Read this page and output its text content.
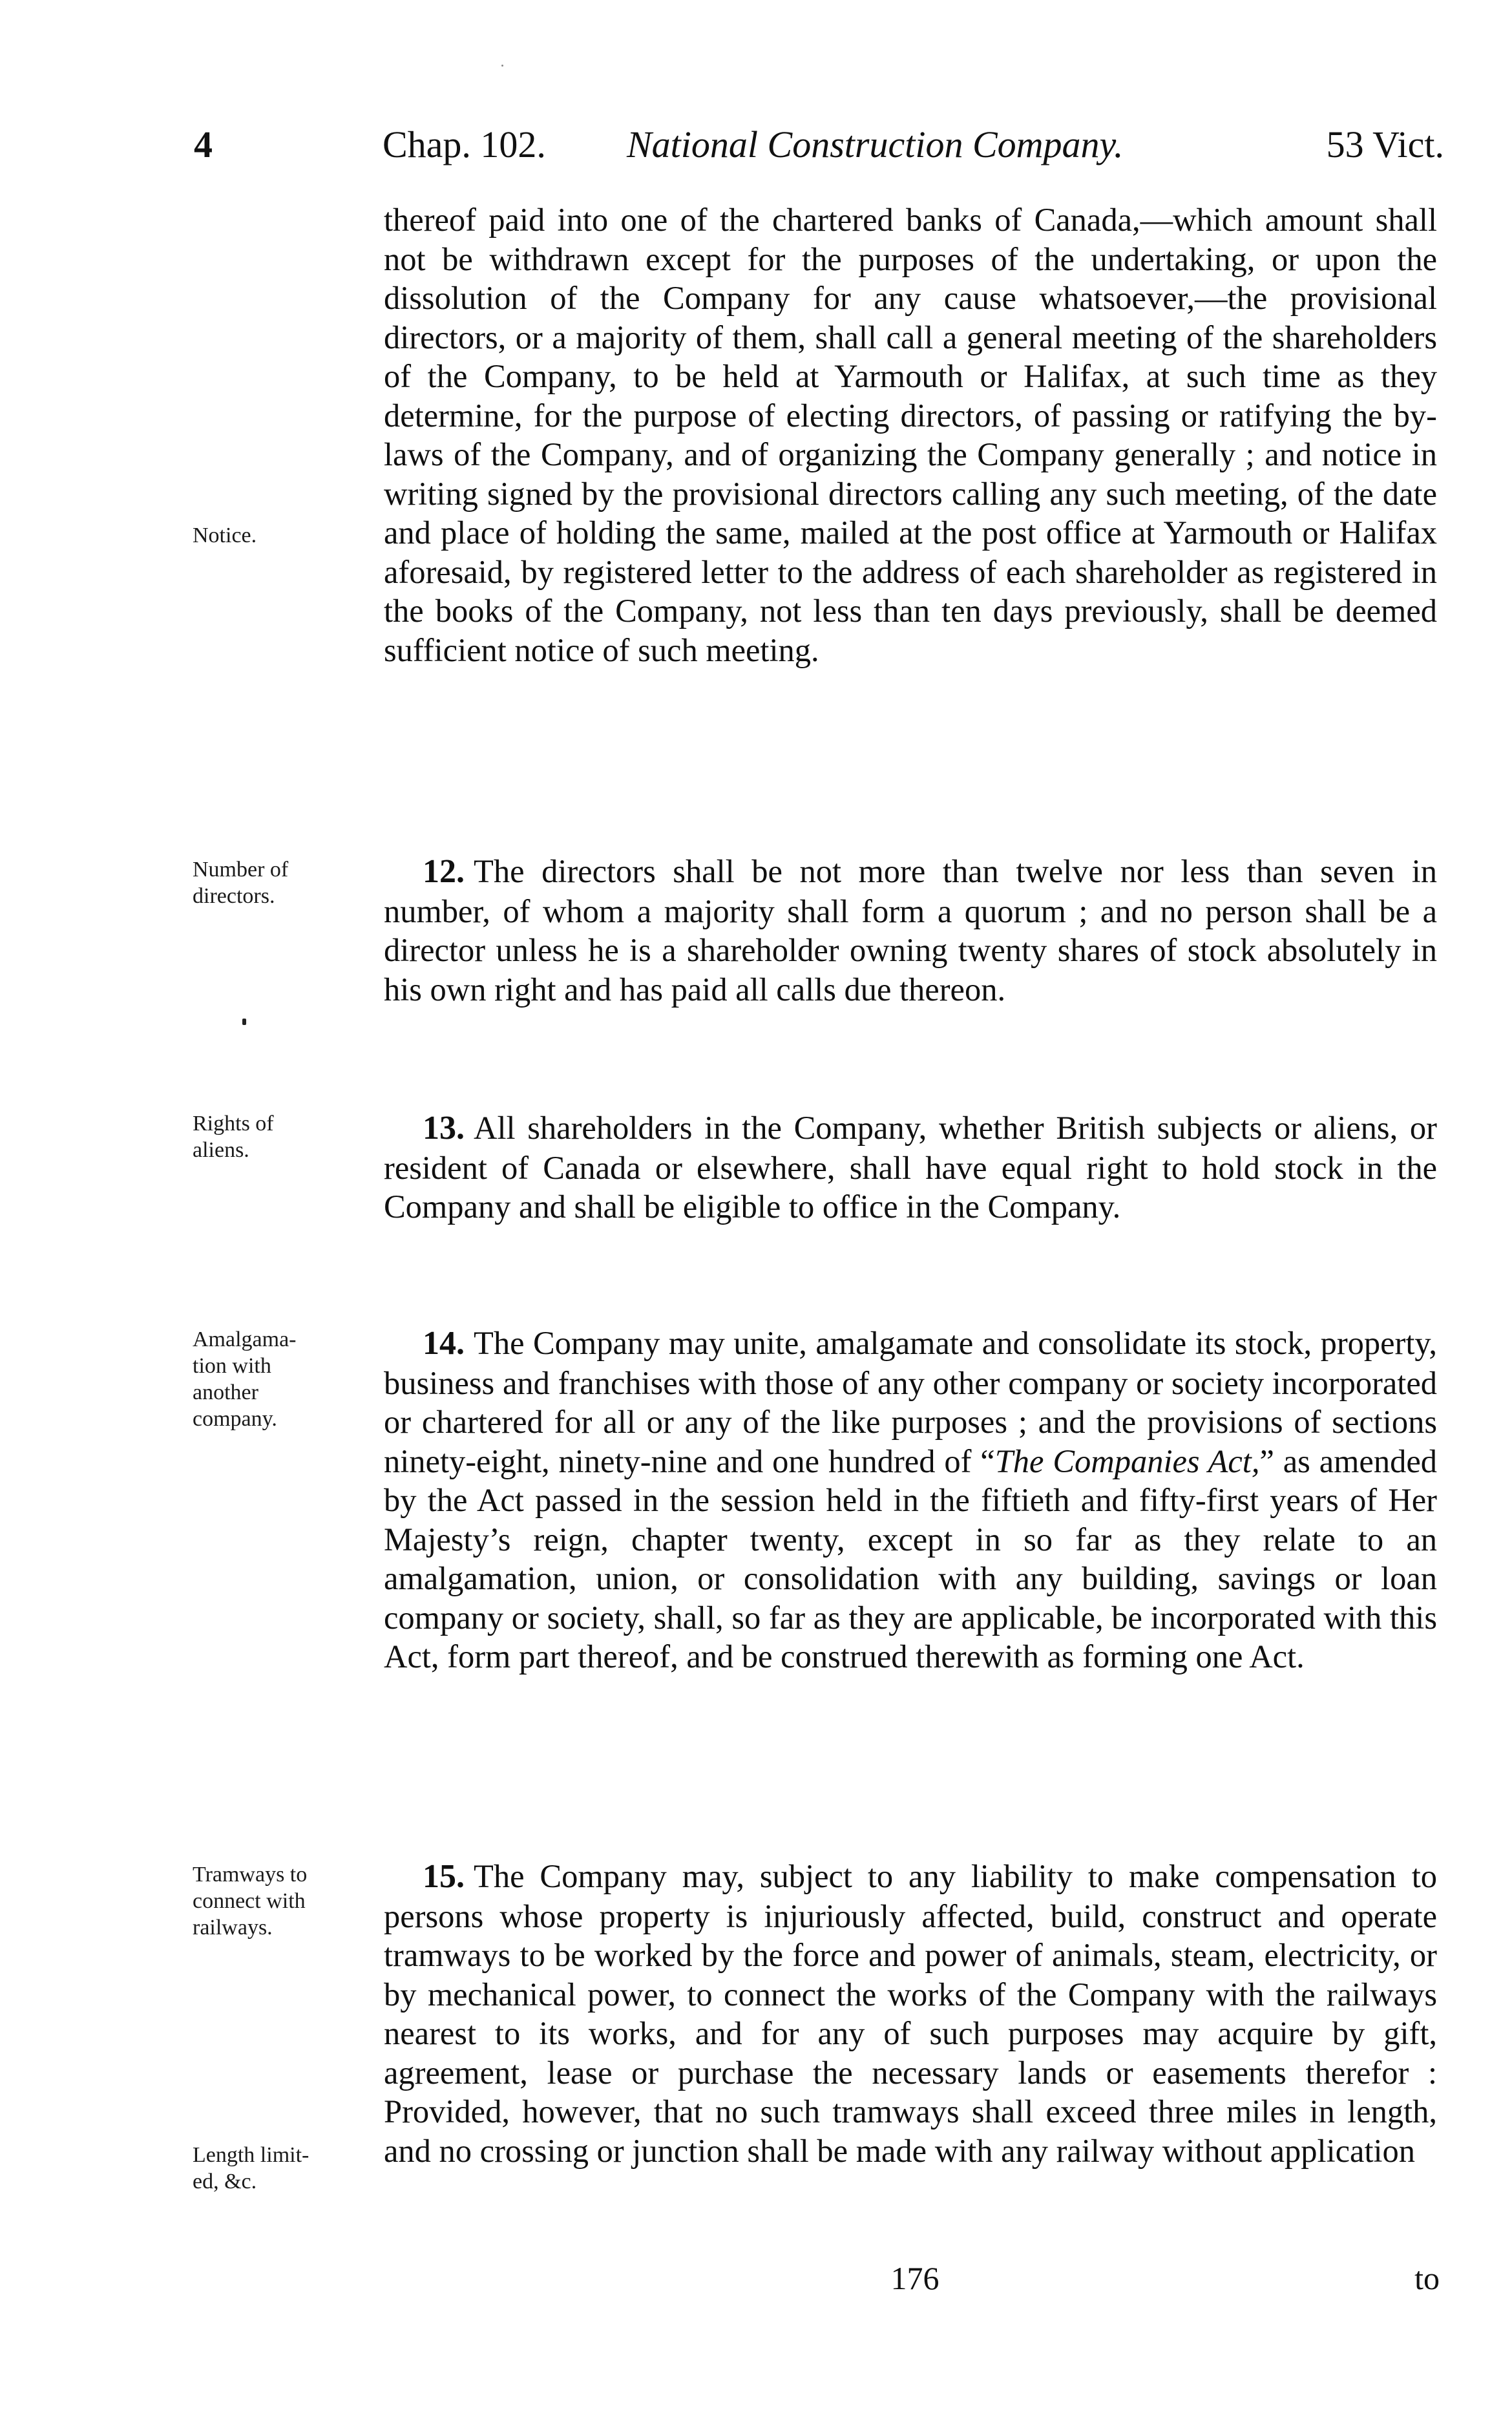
4	Chap. 102. National Construction Company.	53 Vict.
Notice.
Number of
directors.
Rights of
aliens.
Amalgama-
tion with
another
company.
Tramways to
connect with
railways.
Length limit-
ed, &c.

thereof paid into one of the chartered banks of Canada,—which amount shall not be withdrawn except for the purposes of the undertaking, or upon the dissolution of the Company for any cause whatsoever,—the provisional directors, or a majority of them, shall call a general meeting of the shareholders of the Company, to be held at Yarmouth or Halifax, at such time as they determine, for the purpose of electing directors, of passing or ratifying the by-laws of the Company, and of organizing the Company generally ; and notice in writing signed by the provisional directors calling any such meeting, of the date and place of holding the same, mailed at the post office at Yarmouth or Halifax aforesaid, by registered letter to the address of each shareholder as registered in the books of the Company, not less than ten days previously, shall be deemed sufficient notice of such meeting.

12. The directors shall be not more than twelve nor less than seven in number, of whom a majority shall form a quorum ; and no person shall be a director unless he is a shareholder owning twenty shares of stock absolutely in his own right and has paid all calls due thereon.

13. All shareholders in the Company, whether British subjects or aliens, or resident of Canada or elsewhere, shall have equal right to hold stock in the Company and shall be eligible to office in the Company.

14. The Company may unite, amalgamate and consolidate its stock, property, business and franchises with those of any other company or society incorporated or chartered for all or any of the like purposes ; and the provisions of sections ninety-eight, ninety-nine and one hundred of “The Companies Act,” as amended by the Act passed in the session held in the fiftieth and fifty-first years of Her Majesty’s reign, chapter twenty, except in so far as they relate to an amalgamation, union, or consolidation with any building, savings or loan company or society, shall, so far as they are applicable, be incorporated with this Act, form part thereof, and be construed therewith as forming one Act.

15. The Company may, subject to any liability to make compensation to persons whose property is injuriously affected, build, construct and operate tramways to be worked by the force and power of animals, steam, electricity, or by mechanical power, to connect the works of the Company with the railways nearest to its works, and for any of such purposes may acquire by gift, agreement, lease or purchase the necessary lands or easements therefor : Provided, however, that no such tramways shall exceed three miles in length, and no crossing or junction shall be made with any railway without application

176	to
